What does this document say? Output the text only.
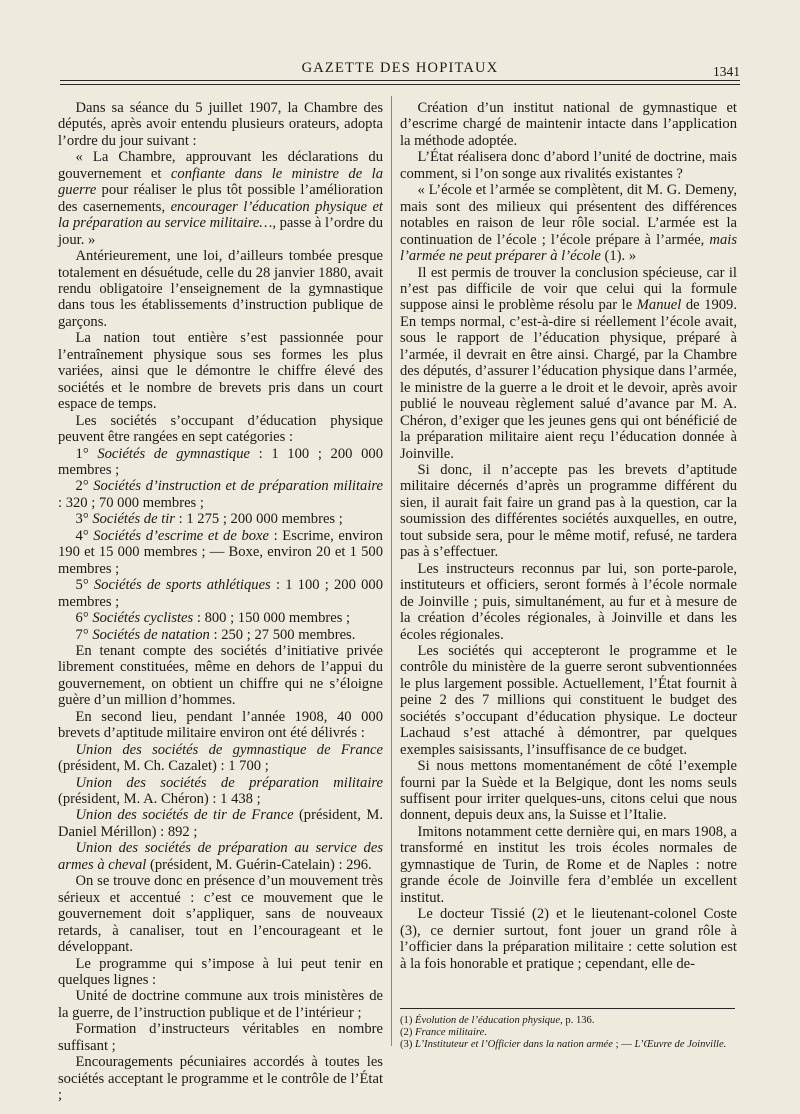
GAZETTE DES HOPITAUX	1341

Dans sa séance du 5 juillet 1907, la Chambre des députés, après avoir entendu plusieurs orateurs, adopta l’ordre du jour suivant :

« La Chambre, approuvant les déclarations du gouvernement et confiante dans le ministre de la guerre pour réaliser le plus tôt possible l’amélioration des casernements, encourager l’éducation physique et la préparation au service militaire…, passe à l’ordre du jour. »

Antérieurement, une loi, d’ailleurs tombée presque totalement en désuétude, celle du 28 janvier 1880, avait rendu obligatoire l’enseignement de la gymnastique dans tous les établissements d’instruction publique de garçons.

La nation tout entière s’est passionnée pour l’entraînement physique sous ses formes les plus variées, ainsi que le démontre le chiffre élevé des sociétés et le nombre de brevets pris dans un court espace de temps.

Les sociétés s’occupant d’éducation physique peuvent être rangées en sept catégories :

1° Sociétés de gymnastique : 1 100 ; 200 000 membres ;

2° Sociétés d’instruction et de préparation militaire : 320 ; 70 000 membres ;

3° Sociétés de tir : 1 275 ; 200 000 membres ;

4° Sociétés d’escrime et de boxe : Escrime, environ 190 et 15 000 membres ; — Boxe, environ 20 et 1 500 membres ;

5° Sociétés de sports athlétiques : 1 100 ; 200 000 membres ;

6° Sociétés cyclistes : 800 ; 150 000 membres ;

7° Sociétés de natation : 250 ; 27 500 membres.

En tenant compte des sociétés d’initiative privée librement constituées, même en dehors de l’appui du gouvernement, on obtient un chiffre qui ne s’éloigne guère d’un million d’hommes.

En second lieu, pendant l’année 1908, 40 000 brevets d’aptitude militaire environ ont été délivrés :

Union des sociétés de gymnastique de France (président, M. Ch. Cazalet) : 1 700 ;

Union des sociétés de préparation militaire (président, M. A. Chéron) : 1 438 ;

Union des sociétés de tir de France (président, M. Daniel Mérillon) : 892 ;

Union des sociétés de préparation au service des armes à cheval (président, M. Guérin-Catelain) : 296.

On se trouve donc en présence d’un mouvement très sérieux et accentué : c’est ce mouvement que le gouvernement doit s’appliquer, sans de nouveaux retards, à canaliser, tout en l’encourageant et le développant.

Le programme qui s’impose à lui peut tenir en quelques lignes :

Unité de doctrine commune aux trois ministères de la guerre, de l’instruction publique et de l’intérieur ;

Formation d’instructeurs véritables en nombre suffisant ;

Encouragements pécuniaires accordés à toutes les sociétés acceptant le programme et le contrôle de l’État ;

Création d’un institut national de gymnastique et d’escrime chargé de maintenir intacte dans l’application la méthode adoptée.

L’État réalisera donc d’abord l’unité de doctrine, mais comment, si l’on songe aux rivalités existantes ?

« L’école et l’armée se complètent, dit M. G. Demeny, mais sont des milieux qui présentent des différences notables en raison de leur rôle social. L’armée est la continuation de l’école ; l’école prépare à l’armée, mais l’armée ne peut préparer à l’école (1). »

Il est permis de trouver la conclusion spécieuse, car il n’est pas difficile de voir que celui qui la formule suppose ainsi le problème résolu par le Manuel de 1909. En temps normal, c’est-à-dire si réellement l’école avait, sous le rapport de l’éducation physique, préparé à l’armée, il devrait en être ainsi. Chargé, par la Chambre des députés, d’assurer l’éducation physique dans l’armée, le ministre de la guerre a le droit et le devoir, après avoir publié le nouveau règlement salué d’avance par M. A. Chéron, d’exiger que les jeunes gens qui ont bénéficié de la préparation militaire aient reçu l’éducation donnée à Joinville.

Si donc, il n’accepte pas les brevets d’aptitude militaire décernés d’après un programme différent du sien, il aurait fait faire un grand pas à la question, car la soumission des différentes sociétés auxquelles, en outre, tout subside sera, pour le même motif, refusé, ne tardera pas à s’effectuer.

Les instructeurs reconnus par lui, son porte-parole, instituteurs et officiers, seront formés à l’école normale de Joinville ; puis, simultanément, au fur et à mesure de la création d’écoles régionales, à Joinville et dans les écoles régionales.

Les sociétés qui accepteront le programme et le contrôle du ministère de la guerre seront subventionnées le plus largement possible. Actuellement, l’État fournit à peine 2 des 7 millions qui constituent le budget des sociétés s’occupant d’éducation physique. Le docteur Lachaud s’est attaché à démontrer, par quelques exemples saisissants, l’insuffisance de ce budget.

Si nous mettons momentanément de côté l’exemple fourni par la Suède et la Belgique, dont les noms seuls suffisent pour irriter quelques-uns, citons celui que nous donnent, depuis deux ans, la Suisse et l’Italie.

Imitons notamment cette dernière qui, en mars 1908, a transformé en institut les trois écoles normales de gymnastique de Turin, de Rome et de Naples : notre grande école de Joinville fera d’emblée un excellent institut.

Le docteur Tissié (2) et le lieutenant-colonel Coste (3), ce dernier surtout, font jouer un grand rôle à l’officier dans la préparation militaire : cette solution est à la fois honorable et pratique ; cependant, elle de-

(1) Évolution de l’éducation physique, p. 136.
(2) France militaire.
(3) L’Instituteur et l’Officier dans la nation armée ; — L’Œuvre de Joinville.
